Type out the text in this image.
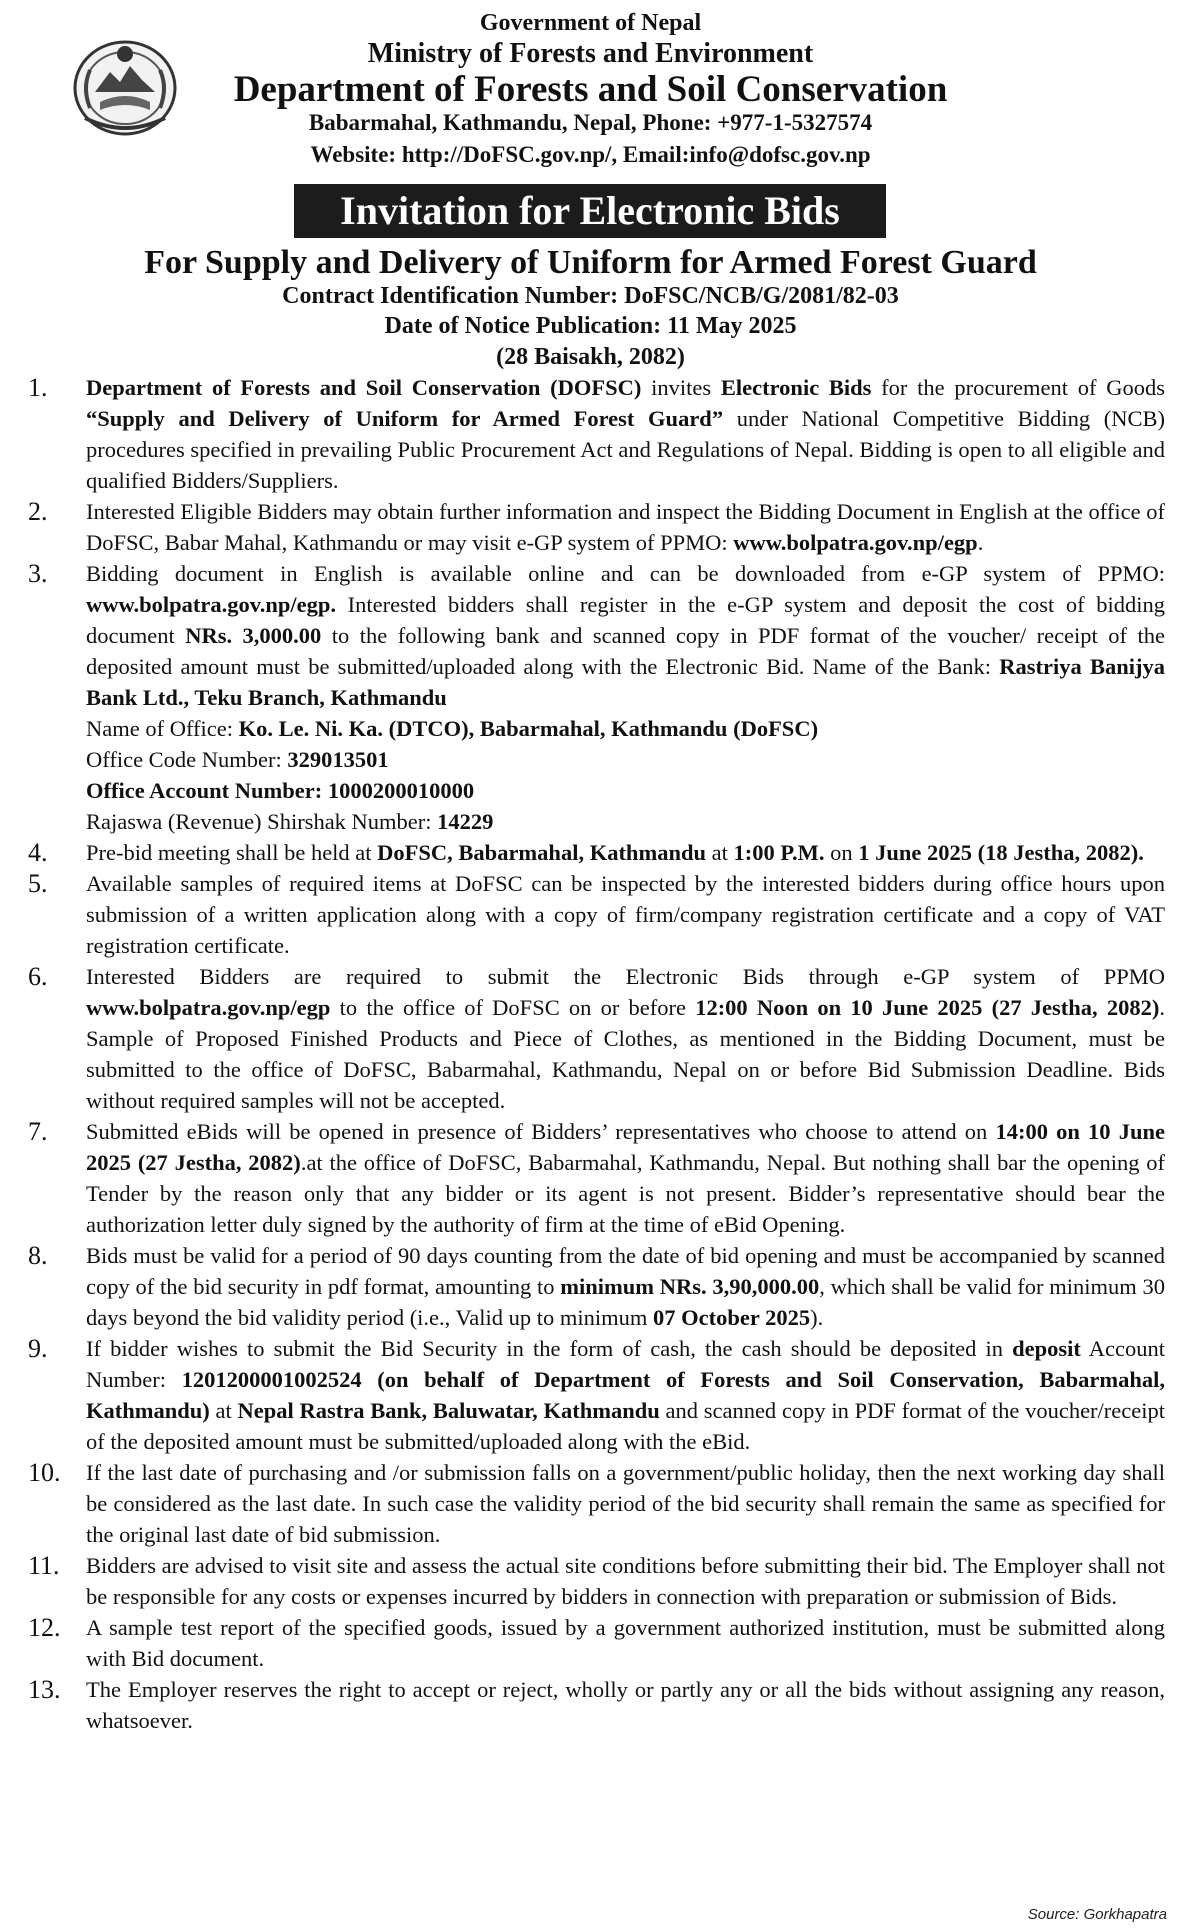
Government of Nepal
Ministry of Forests and Environment
Department of Forests and Soil Conservation
Babarmahal, Kathmandu, Nepal, Phone: +977-1-5327574
Website: http://DoFSC.gov.np/, Email:info@dofsc.gov.np
Invitation for Electronic Bids
For Supply and Delivery of Uniform for Armed Forest Guard
Contract Identification Number: DoFSC/NCB/G/2081/82-03
Date of Notice Publication: 11 May 2025
(28 Baisakh, 2082)
1.	Department of Forests and Soil Conservation (DOFSC) invites Electronic Bids for the procurement of Goods “Supply and Delivery of Uniform for Armed Forest Guard” under National Competitive Bidding (NCB) procedures specified in prevailing Public Procurement Act and Regulations of Nepal. Bidding is open to all eligible and qualified Bidders/Suppliers.
2.	Interested Eligible Bidders may obtain further information and inspect the Bidding Document in English at the office of DoFSC, Babar Mahal, Kathmandu or may visit e-GP system of PPMO: www.bolpatra.gov.np/egp.
3.	Bidding document in English is available online and can be downloaded from e-GP system of PPMO: www.bolpatra.gov.np/egp. Interested bidders shall register in the e-GP system and deposit the cost of bidding document NRs. 3,000.00 to the following bank and scanned copy in PDF format of the voucher/ receipt of the deposited amount must be submitted/uploaded along with the Electronic Bid. Name of the Bank: Rastriya Banijya Bank Ltd., Teku Branch, Kathmandu
Name of Office: Ko. Le. Ni. Ka. (DTCO), Babarmahal, Kathmandu (DoFSC)
Office Code Number: 329013501
Office Account Number: 1000200010000
Rajaswa (Revenue) Shirshak Number: 14229
4.	Pre-bid meeting shall be held at DoFSC, Babarmahal, Kathmandu at 1:00 P.M. on 1 June 2025 (18 Jestha, 2082).
5.	Available samples of required items at DoFSC can be inspected by the interested bidders during office hours upon submission of a written application along with a copy of firm/company registration certificate and a copy of VAT registration certificate.
6.	Interested Bidders are required to submit the Electronic Bids through e-GP system of PPMO www.bolpatra.gov.np/egp to the office of DoFSC on or before 12:00 Noon on 10 June 2025 (27 Jestha, 2082). Sample of Proposed Finished Products and Piece of Clothes, as mentioned in the Bidding Document, must be submitted to the office of DoFSC, Babarmahal, Kathmandu, Nepal on or before Bid Submission Deadline. Bids without required samples will not be accepted.
7.	Submitted eBids will be opened in presence of Bidders’ representatives who choose to attend on 14:00 on 10 June 2025 (27 Jestha, 2082).at the office of DoFSC, Babarmahal, Kathmandu, Nepal. But nothing shall bar the opening of Tender by the reason only that any bidder or its agent is not present. Bidder’s representative should bear the authorization letter duly signed by the authority of firm at the time of eBid Opening.
8.	Bids must be valid for a period of 90 days counting from the date of bid opening and must be accompanied by scanned copy of the bid security in pdf format, amounting to minimum NRs. 3,90,000.00, which shall be valid for minimum 30 days beyond the bid validity period (i.e., Valid up to minimum 07 October 2025).
9.	If bidder wishes to submit the Bid Security in the form of cash, the cash should be deposited in deposit Account Number: 1201200001002524 (on behalf of Department of Forests and Soil Conservation, Babarmahal, Kathmandu) at Nepal Rastra Bank, Baluwatar, Kathmandu and scanned copy in PDF format of the voucher/receipt of the deposited amount must be submitted/uploaded along with the eBid.
10.	If the last date of purchasing and /or submission falls on a government/public holiday, then the next working day shall be considered as the last date. In such case the validity period of the bid security shall remain the same as specified for the original last date of bid submission.
11.	Bidders are advised to visit site and assess the actual site conditions before submitting their bid. The Employer shall not be responsible for any costs or expenses incurred by bidders in connection with preparation or submission of Bids.
12.	A sample test report of the specified goods, issued by a government authorized institution, must be submitted along with Bid document.
13.	The Employer reserves the right to accept or reject, wholly or partly any or all the bids without assigning any reason, whatsoever.
Source: Gorkhapatra
